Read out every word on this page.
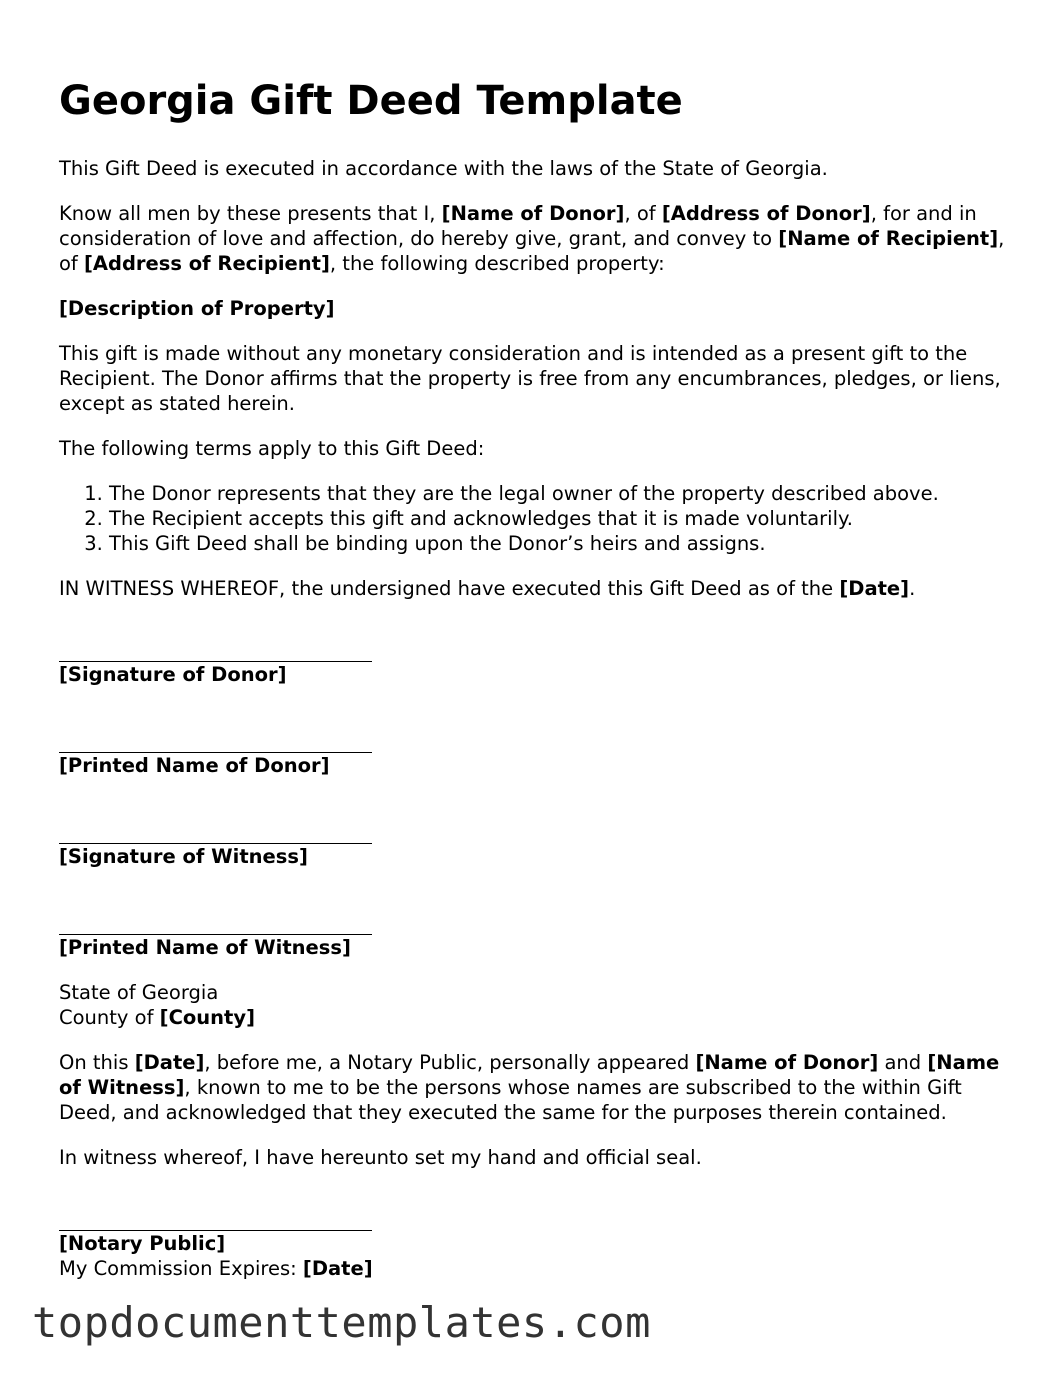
Georgia Gift Deed Template

This Gift Deed is executed in accordance with the laws of the State of Georgia.

Know all men by these presents that I, [Name of Donor], of [Address of Donor], for and in consideration of love and affection, do hereby give, grant, and convey to [Name of Recipient], of [Address of Recipient], the following described property:

[Description of Property]

This gift is made without any monetary consideration and is intended as a present gift to the Recipient. The Donor affirms that the property is free from any encumbrances, pledges, or liens, except as stated herein.

The following terms apply to this Gift Deed:

1. The Donor represents that they are the legal owner of the property described above.
2. The Recipient accepts this gift and acknowledges that it is made voluntarily.
3. This Gift Deed shall be binding upon the Donor’s heirs and assigns.

IN WITNESS WHEREOF, the undersigned have executed this Gift Deed as of the [Date].

[Signature of Donor]
[Printed Name of Donor]
[Signature of Witness]
[Printed Name of Witness]

State of Georgia
County of [County]

On this [Date], before me, a Notary Public, personally appeared [Name of Donor] and [Name of Witness], known to me to be the persons whose names are subscribed to the within Gift Deed, and acknowledged that they executed the same for the purposes therein contained.

In witness whereof, I have hereunto set my hand and official seal.

[Notary Public]
My Commission Expires: [Date]
topdocumenttemplates.com
